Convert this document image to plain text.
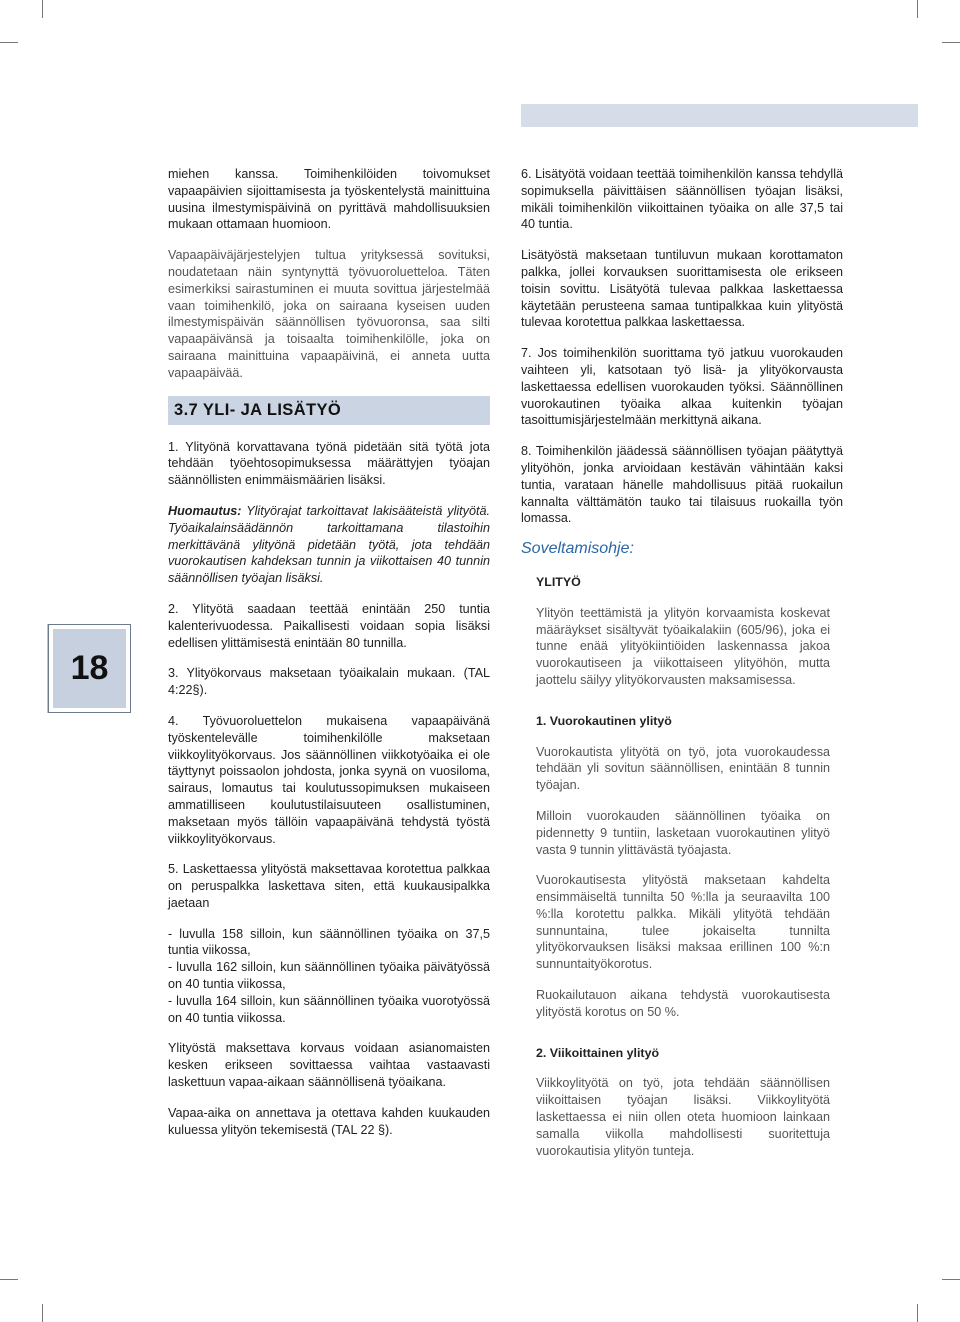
18

miehen kanssa. Toimihenkilöiden toivomukset vapaapäivien sijoittamisesta ja työskentelystä mainittuina uusina ilmestymispäivinä on pyrittävä mahdollisuuksien mukaan ottamaan huomioon.

Vapaapäiväjärjestelyjen tultua yrityksessä sovituksi, noudatetaan näin syntynyttä työvuoroluetteloa. Täten esimerkiksi sairastuminen ei muuta sovittua järjestelmää vaan toimihenkilö, joka on sairaana kyseisen uuden ilmestymispäivän säännöllisen työvuoronsa, saa silti vapaapäivänsä ja toisaalta toimihenkilölle, joka on sairaana mainittuina vapaapäivinä, ei anneta uutta vapaapäivää.

3.7 YLI- JA LISÄTYÖ

1. Ylityönä korvattavana työnä pidetään sitä työtä jota tehdään työehtosopimuksessa määrättyjen työajan säännöllisten enimmäismäärien lisäksi.

Huomautus: Ylityörajat tarkoittavat lakisääteistä ylityötä. Työaikalainsäädännön tarkoittamana tilastoihin merkittävänä ylityönä pidetään työtä, jota tehdään vuorokautisen kahdeksan tunnin ja viikottaisen 40 tunnin säännöllisen työajan lisäksi.

2. Ylityötä saadaan teettää enintään 250 tuntia kalenterivuodessa. Paikallisesti voidaan sopia lisäksi edellisen ylittämisestä enintään 80 tunnilla.

3. Ylityökorvaus maksetaan työaikalain mukaan. (TAL 4:22§).

4. Työvuoroluettelon mukaisena vapaapäivänä työskentelevälle toimihenkilölle maksetaan viikkoylityökorvaus. Jos säännöllinen viikkotyöaika ei ole täyttynyt poissaolon johdosta, jonka syynä on vuosiloma, sairaus, lomautus tai koulutussopimuksen mukaiseen ammatilliseen koulutustilaisuuteen osallistuminen, maksetaan myös tällöin vapaapäivänä tehdystä työstä viikkoylityökorvaus.

5. Laskettaessa ylityöstä maksettavaa korotettua palkkaa on peruspalkka laskettava siten, että kuukausipalkka jaetaan

- luvulla 158 silloin, kun säännöllinen työaika on 37,5 tuntia viikossa,

- luvulla 162 silloin, kun säännöllinen työaika päivätyössä on 40 tuntia viikossa,

- luvulla 164 silloin, kun säännöllinen työaika vuorotyössä on 40 tuntia viikossa.

Ylityöstä maksettava korvaus voidaan asianomaisten kesken erikseen sovittaessa vaihtaa vastaavasti laskettuun vapaa-aikaan säännöllisenä työaikana.

Vapaa-aika on annettava ja otettava kahden kuukauden kuluessa ylityön tekemisestä (TAL 22 §).

6. Lisätyötä voidaan teettää toimihenkilön kanssa tehdyllä sopimuksella päivittäisen säännöllisen työajan lisäksi, mikäli toimihenkilön viikoittainen työaika on alle 37,5 tai 40 tuntia.

Lisätyöstä maksetaan tuntiluvun mukaan korottamaton palkka, jollei korvauksen suorittamisesta ole erikseen toisin sovittu. Lisätyötä tulevaa palkkaa laskettaessa käytetään perusteena samaa tuntipalkkaa kuin ylityöstä tulevaa korotettua palkkaa laskettaessa.

7. Jos toimihenkilön suorittama työ jatkuu vuorokauden vaihteen yli, katsotaan työ lisä- ja ylityökorvausta laskettaessa edellisen vuorokauden työksi. Säännöllinen vuorokautinen työaika alkaa kuitenkin työajan tasoittumisjärjestelmään merkittynä aikana.

8. Toimihenkilön jäädessä säännöllisen työajan päätyttyä ylityöhön, jonka arvioidaan kestävän vähintään kaksi tuntia, varataan hänelle mahdollisuus pitää ruokailun kannalta välttämätön tauko tai tilaisuus ruokailla työn lomassa.

Soveltamisohje:
YLITYÖ

Ylityön teettämistä ja ylityön korvaamista koskevat määräykset sisältyvät työaikalakiin (605/96), joka ei tunne enää ylityökiintiöiden laskennassa jakoa vuorokautiseen ja viikottaiseen ylityöhön, mutta jaottelu säilyy ylityökorvausten maksamisessa.

1. Vuorokautinen ylityö

Vuorokautista ylityötä on työ, jota vuorokaudessa tehdään yli sovitun säännöllisen, enintään 8 tunnin työajan.

Milloin vuorokauden säännöllinen työaika on pidennetty 9 tuntiin, lasketaan vuorokautinen ylityö vasta 9 tunnin ylittävästä työajasta.

Vuorokautisesta ylityöstä maksetaan kahdelta ensimmäiseltä tunnilta 50 %:lla ja seuraavilta 100 %:lla korotettu palkka. Mikäli ylityötä tehdään sunnuntaina, tulee jokaiselta tunnilta ylityökorvauksen lisäksi maksaa erillinen 100 %:n sunnuntaityökorotus.

Ruokailutauon aikana tehdystä vuorokautisesta ylityöstä korotus on 50 %.

2. Viikoittainen ylityö

Viikkoylityötä on työ, jota tehdään säännöllisen viikoittaisen työajan lisäksi. Viikkoylityötä laskettaessa ei niin ollen oteta huomioon lainkaan samalla viikolla mahdollisesti suoritettuja vuorokautisia ylityön tunteja.
